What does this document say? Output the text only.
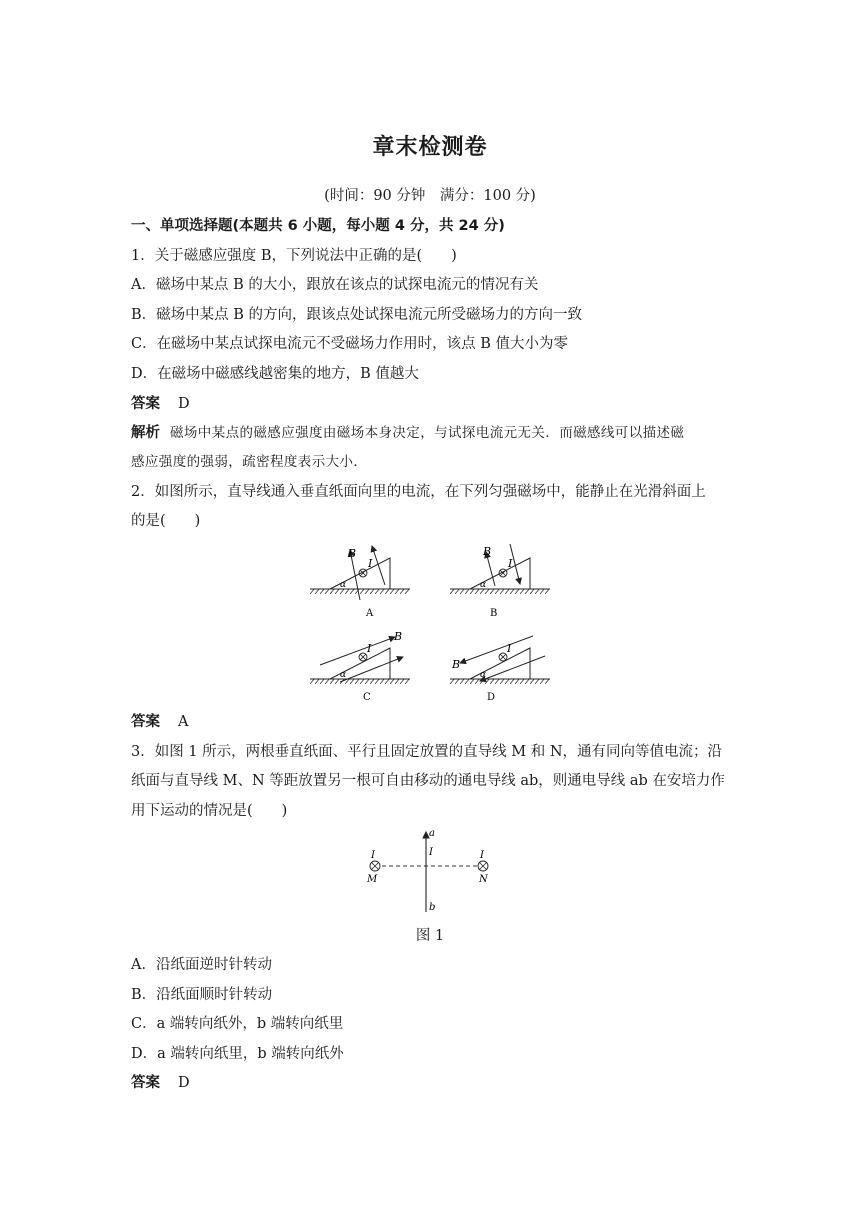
章末检测卷
(时间：90 分钟　满分：100 分)
一、单项选择题(本题共 6 小题，每小题 4 分，共 24 分)
1．关于磁感应强度 B，下列说法中正确的是(　　)
A．磁场中某点 B 的大小，跟放在该点的试探电流元的情况有关
B．磁场中某点 B 的方向，跟该点处试探电流元所受磁场力的方向一致
C．在磁场中某点试探电流元不受磁场力作用时，该点 B 值大小为零
D．在磁场中磁感线越密集的地方，B 值越大
答案 D
解析 磁场中某点的磁感应强度由磁场本身决定，与试探电流元无关．而磁感线可以描述磁
感应强度的强弱，疏密程度表示大小．
2．如图所示，直导线通入垂直纸面向里的电流，在下列匀强磁场中，能静止在光滑斜面上
的是(　　)
B
I
α
A
B
I
α
B
B
I
α
C
B
I
α
D
答案 A
3．如图 1 所示，两根垂直纸面、平行且固定放置的直导线 M 和 N，通有同向等值电流；沿
纸面与直导线 M、N 等距放置另一根可自由移动的通电导线 ab，则通电导线 ab 在安培力作
用下运动的情况是(　　)
a
I
b
I
M
I
N
图 1
A．沿纸面逆时针转动
B．沿纸面顺时针转动
C．a 端转向纸外，b 端转向纸里
D．a 端转向纸里，b 端转向纸外
答案 D
